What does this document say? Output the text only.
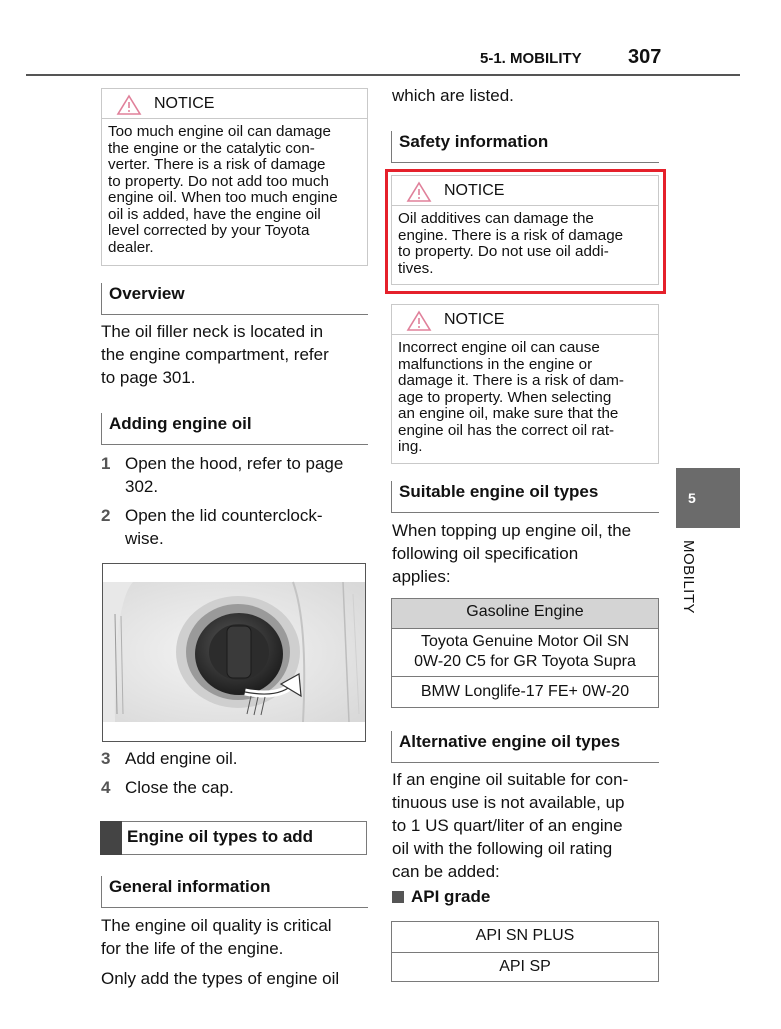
5-1. MOBILITY 307
NOTICE
Too much engine oil can damage
the engine or the catalytic con-
verter. There is a risk of damage
to property. Do not add too much
engine oil. When too much engine
oil is added, have the engine oil
level corrected by your Toyota
dealer.
Overview
The oil filler neck is located in
the engine compartment, refer
to page 301.
Adding engine oil
1 Open the hood, refer to page
302.
2 Open the lid counterclock-
wise.
3 Add engine oil.
4 Close the cap.
Engine oil types to add
General information
The engine oil quality is critical
for the life of the engine.
Only add the types of engine oil
which are listed.
Safety information
NOTICE
Oil additives can damage the
engine. There is a risk of damage
to property. Do not use oil addi-
tives.
NOTICE
Incorrect engine oil can cause
malfunctions in the engine or
damage it. There is a risk of dam-
age to property. When selecting
an engine oil, make sure that the
engine oil has the correct oil rat-
ing.
Suitable engine oil types
When topping up engine oil, the
following oil specification
applies:
Gasoline Engine
Toyota Genuine Motor Oil SN
0W-20 C5 for GR Toyota Supra
BMW Longlife-17 FE+ 0W-20
Alternative engine oil types
If an engine oil suitable for con-
tinuous use is not available, up
to 1 US quart/liter of an engine
oil with the following oil rating
can be added:
API grade
API SN PLUS
API SP
5
MOBILITY
